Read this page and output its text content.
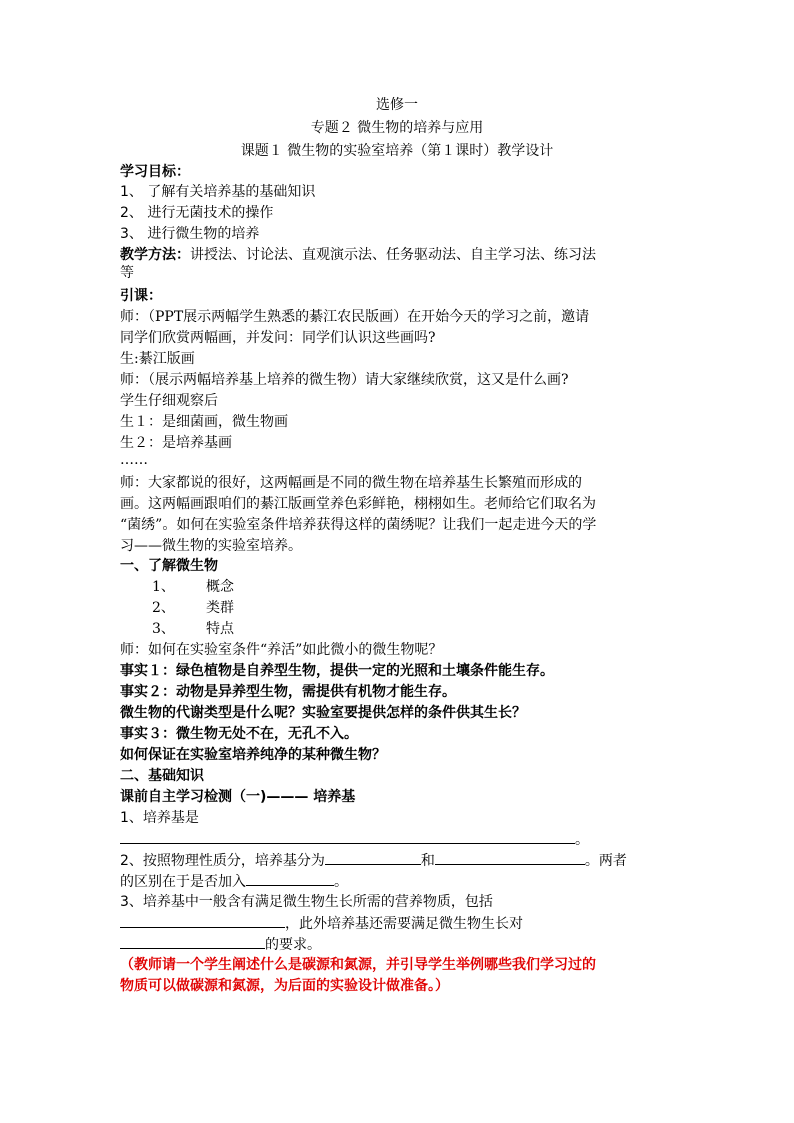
选修一
专题２ 微生物的培养与应用
课题１ 微生物的实验室培养（第１课时）教学设计
学习目标：
1、 了解有关培养基的基础知识
2、 进行无菌技术的操作
3、 进行微生物的培养
教学方法：讲授法、讨论法、直观演示法、任务驱动法、自主学习法、练习法
等
引课：
师：（PPT展示两幅学生熟悉的綦江农民版画）在开始今天的学习之前，邀请
同学们欣赏两幅画，并发问：同学们认识这些画吗?
生:綦江版画
师：（展示两幅培养基上培养的微生物）请大家继续欣赏，这又是什么画?
学生仔细观察后
生１：是细菌画，微生物画
生２：是培养基画
……
师：大家都说的很好，这两幅画是不同的微生物在培养基生长繁殖而形成的
画。这两幅画跟咱们的綦江版画堂养色彩鲜艳，栩栩如生。老师给它们取名为
“菌绣”。如何在实验室条件培养获得这样的菌绣呢？让我们一起走进今天的学
习——微生物的实验室培养。
一、了解微生物
1、 概念
2、 类群
3、 特点
师：如何在实验室条件“养活”如此微小的微生物呢？
事实１：绿色植物是自养型生物，提供一定的光照和土壤条件能生存。
事实２：动物是异养型生物，需提供有机物才能生存。
微生物的代谢类型是什么呢？实验室要提供怎样的条件供其生长？
事实３：微生物无处不在，无孔不入。
如何保证在实验室培养纯净的某种微生物？
二、基础知识
课前自主学习检测（一)——— 培养基
1、培养基是
。
2、按照物理性质分，培养基分为	和	。两者
的区别在于是否加入	。
3、培养基中一般含有满足微生物生长所需的营养物质，包括
，此外培养基还需要满足微生物生长对
的要求。
（教师请一个学生阐述什么是碳源和氮源，并引导学生举例哪些我们学习过的
物质可以做碳源和氮源，为后面的实验设计做准备。）
